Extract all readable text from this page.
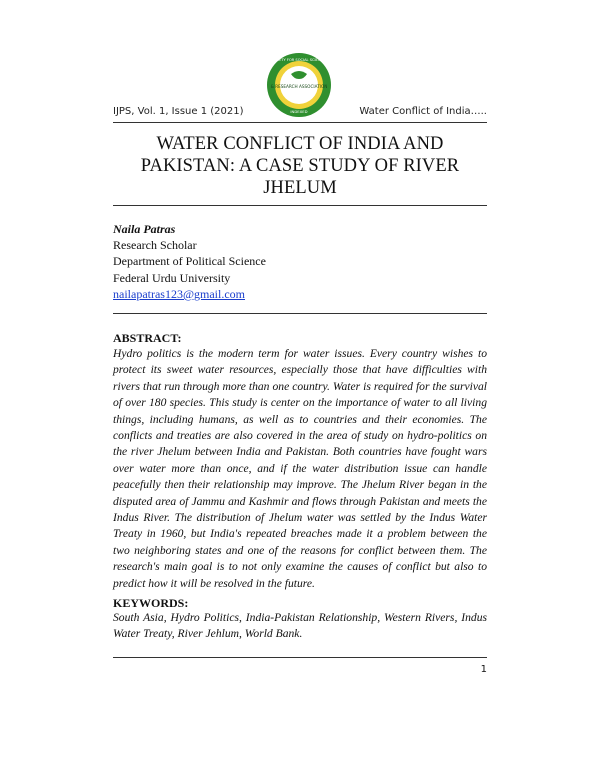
& RESEARCH ASSOCIATION
SOCIETY FOR SOCIAL SCIENCES
INDEXED
IJPS, Vol. 1, Issue 1 (2021)	Water Conflict of India…..
WATER CONFLICT OF INDIA AND PAKISTAN: A CASE STUDY OF RIVER JHELUM
Naila Patras
Research Scholar
Department of Political Science
Federal Urdu University
nailapatras123@gmail.com
ABSTRACT:
Hydro politics is the modern term for water issues. Every country wishes to protect its sweet water resources, especially those that have difficulties with rivers that run through more than one country. Water is required for the survival of over 180 species. This study is center on the importance of water to all living things, including humans, as well as to countries and their economies. The conflicts and treaties are also covered in the area of study on hydro-politics on the river Jhelum between India and Pakistan. Both countries have fought wars over water more than once, and if the water distribution issue can handle peacefully then their relationship may improve. The Jhelum River began in the disputed area of Jammu and Kashmir and flows through Pakistan and meets the Indus River. The distribution of Jhelum water was settled by the Indus Water Treaty in 1960, but India's repeated breaches made it a problem between the two neighboring states and one of the reasons for conflict between them. The research's main goal is to not only examine the causes of conflict but also to predict how it will be resolved in the future.
KEYWORDS:
South Asia, Hydro Politics, India-Pakistan Relationship, Western Rivers, Indus Water Treaty, River Jehlum, World Bank.
1
